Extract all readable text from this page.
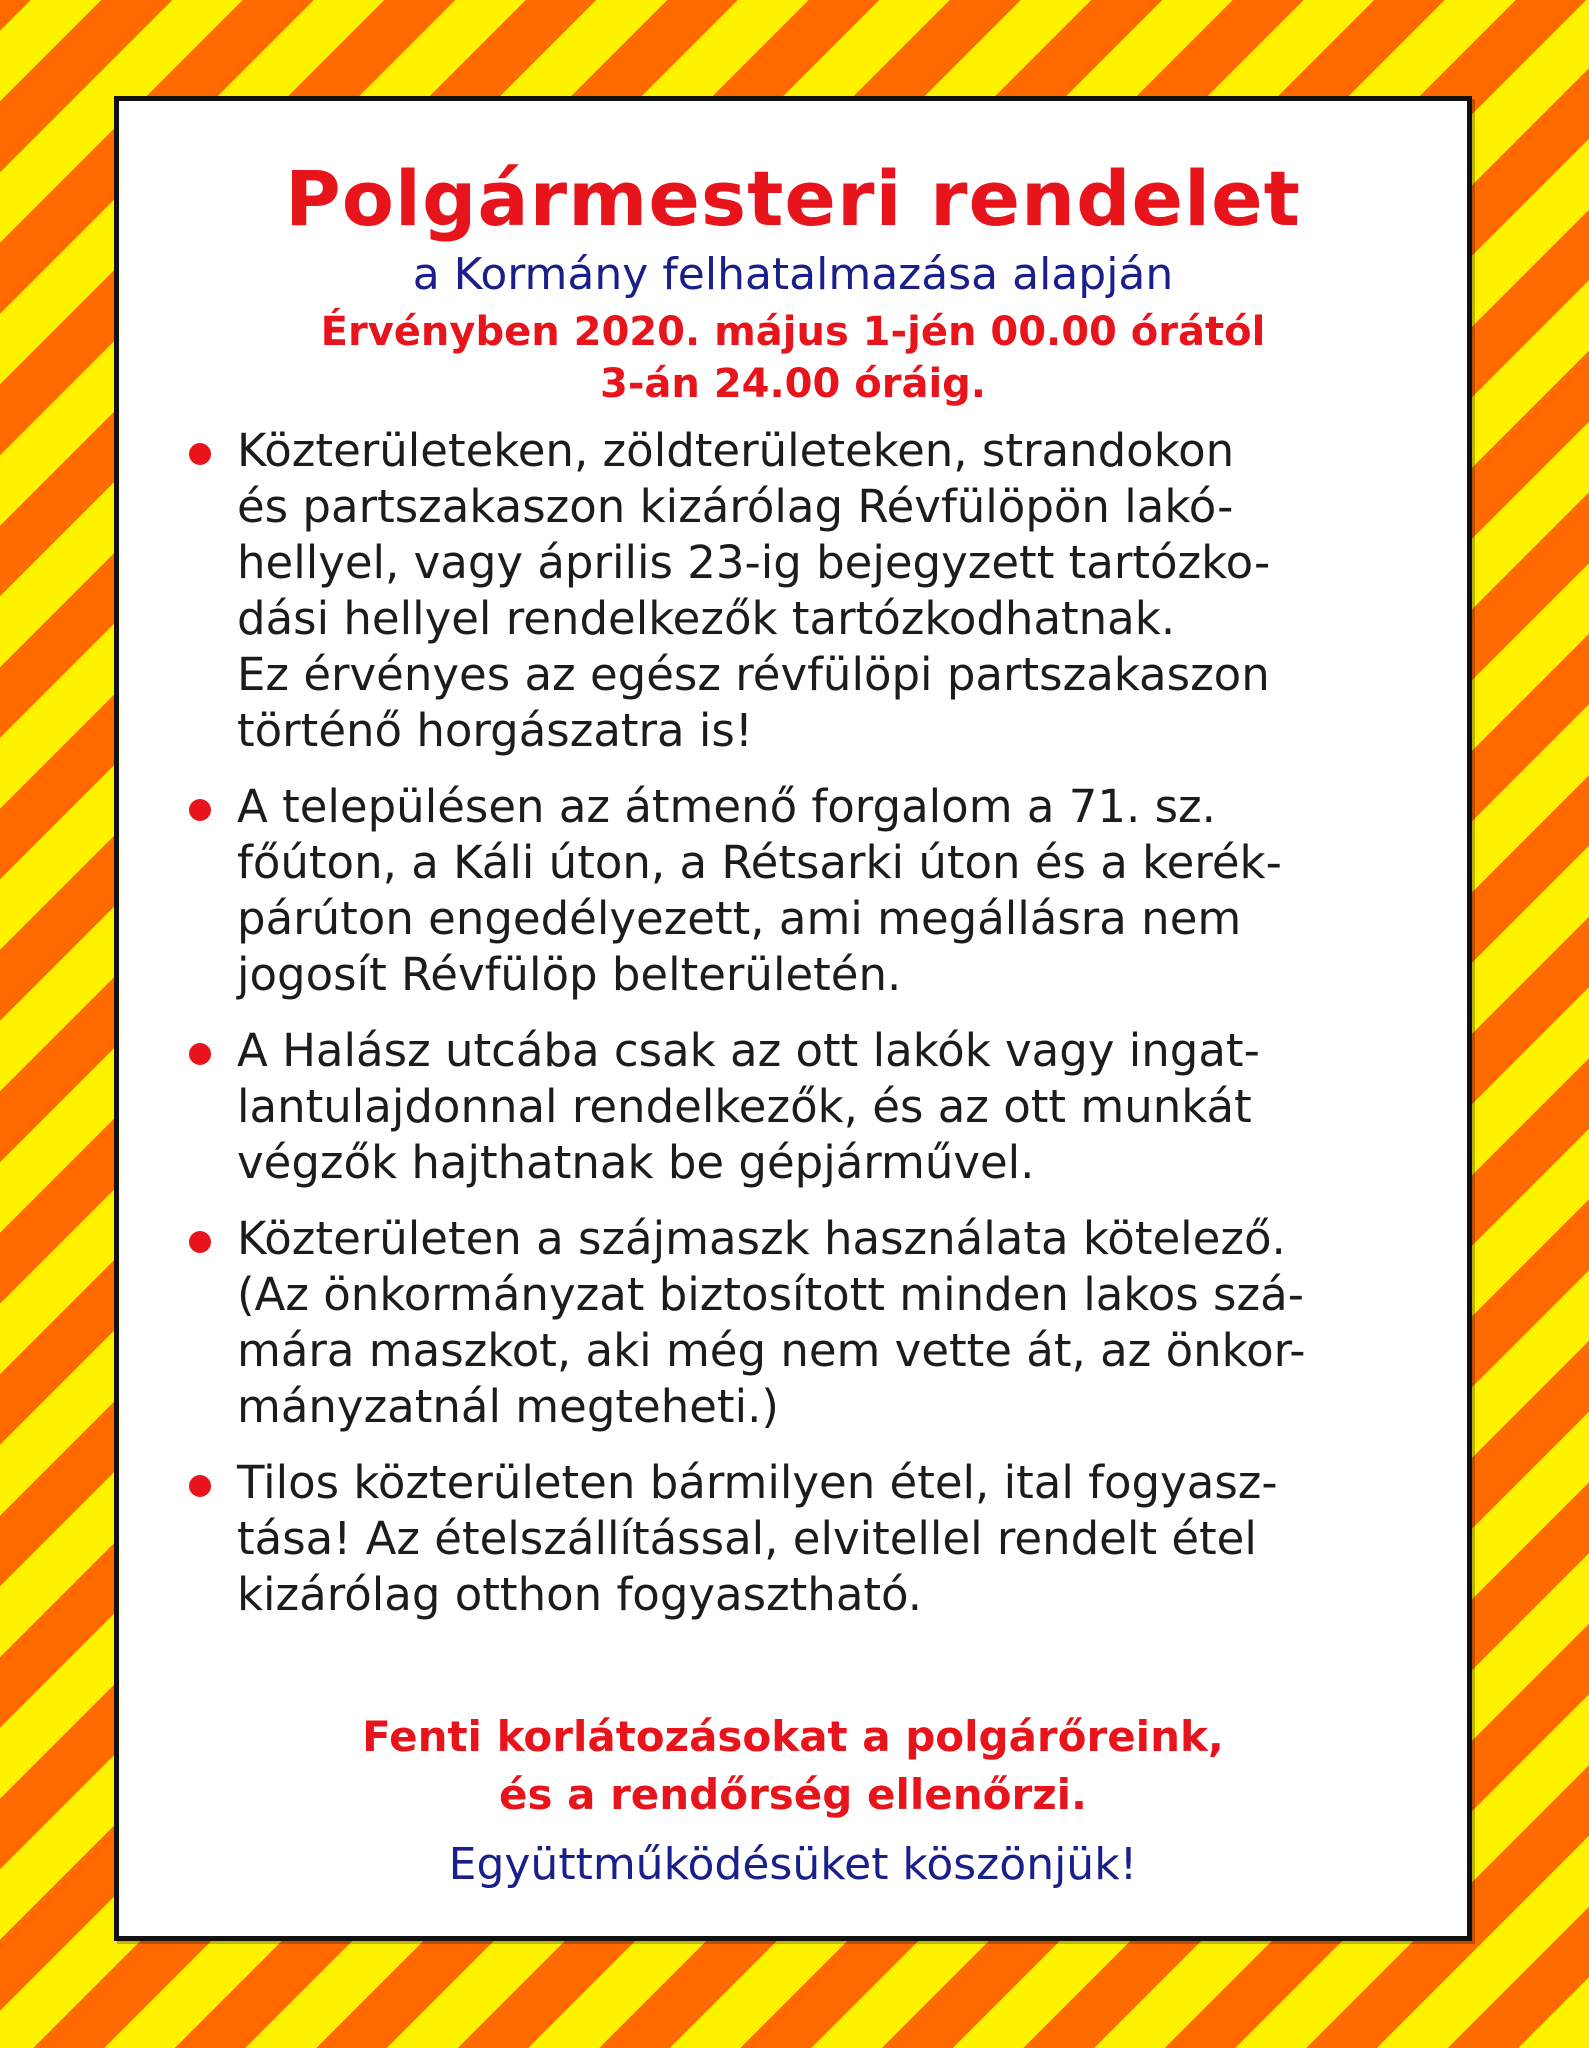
Polgármesteri rendelet
a Kormány felhatalmazása alapján
Érvényben 2020. május 1-jén 00.00 órától
3-án 24.00 óráig.
Közterületeken, zöldterületeken, strandokon
és partszakaszon kizárólag Révfülöpön lakó-
hellyel, vagy április 23-ig bejegyzett tartózko-
dási hellyel rendelkezők tartózkodhatnak.
Ez érvényes az egész révfülöpi partszakaszon
történő horgászatra is!
A településen az átmenő forgalom a 71. sz.
főúton, a Káli úton, a Rétsarki úton és a kerék-
párúton engedélyezett, ami megállásra nem
jogosít Révfülöp belterületén.
A Halász utcába csak az ott lakók vagy ingat-
lantulajdonnal rendelkezők, és az ott munkát
végzők hajthatnak be gépjárművel.
Közterületen a szájmaszk használata kötelező.
(Az önkormányzat biztosított minden lakos szá-
mára maszkot, aki még nem vette át, az önkor-
mányzatnál megteheti.)
Tilos közterületen bármilyen étel, ital fogyasz-
tása! Az ételszállítással, elvitellel rendelt étel
kizárólag otthon fogyasztható.
Fenti korlátozásokat a polgárőreink,
és a rendőrség ellenőrzi.
Együttműködésüket köszönjük!
